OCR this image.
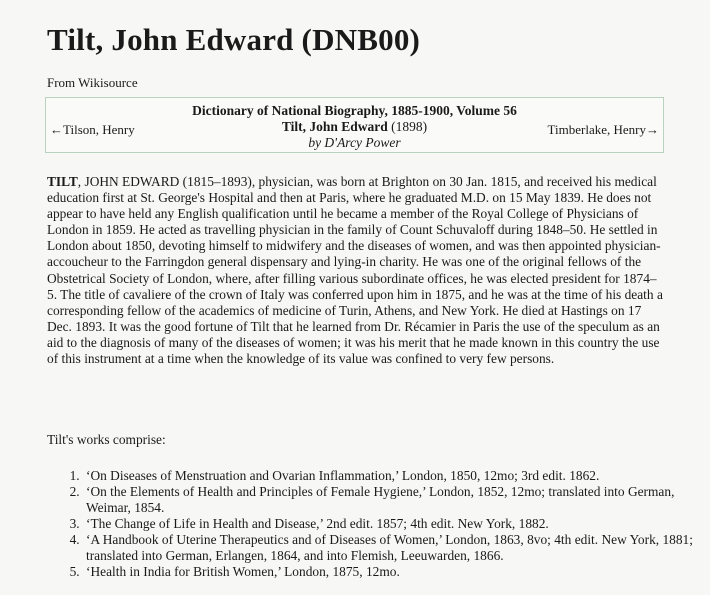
Tilt, John Edward (DNB00)
From Wikisource
←Tilson, Henry
Dictionary of National Biography, 1885-1900, Volume 56
Tilt, John Edward (1898)
by D'Arcy Power
Timberlake, Henry→

TILT, JOHN EDWARD (1815–1893), physician, was born at Brighton on 30 Jan. 1815, and received his medical education first at St. George's Hospital and then at Paris, where he graduated M.D. on 15 May 1839. He does not appear to have held any English qualification until he became a member of the Royal College of Physicians of London in 1859. He acted as travelling physician in the family of Count Schuvaloff during 1848–50. He settled in London about 1850, devoting himself to midwifery and the diseases of women, and was then appointed physician-accoucheur to the Farringdon general dispensary and lying-in charity. He was one of the original fellows of the Obstetrical Society of London, where, after filling various subordinate offices, he was elected president for 1874–5. The title of cavaliere of the crown of Italy was conferred upon him in 1875, and he was at the time of his death a corresponding fellow of the academics of medicine of Turin, Athens, and New York. He died at Hastings on 17 Dec. 1893. It was the good fortune of Tilt that he learned from Dr. Récamier in Paris the use of the speculum as an aid to the diagnosis of many of the diseases of women; it was his merit that he made known in this country the use of this instrument at a time when the knowledge of its value was confined to very few persons.

Tilt's works comprise:
1. ‘On Diseases of Menstruation and Ovarian Inflammation,’ London, 1850, 12mo; 3rd edit. 1862.
2. ‘On the Elements of Health and Principles of Female Hygiene,’ London, 1852, 12mo; translated into German, Weimar, 1854.
3. ‘The Change of Life in Health and Disease,’ 2nd edit. 1857; 4th edit. New York, 1882.
4. ‘A Handbook of Uterine Therapeutics and of Diseases of Women,’ London, 1863, 8vo; 4th edit. New York, 1881; translated into German, Erlangen, 1864, and into Flemish, Leeuwarden, 1866.
5. ‘Health in India for British Women,’ London, 1875, 12mo.
